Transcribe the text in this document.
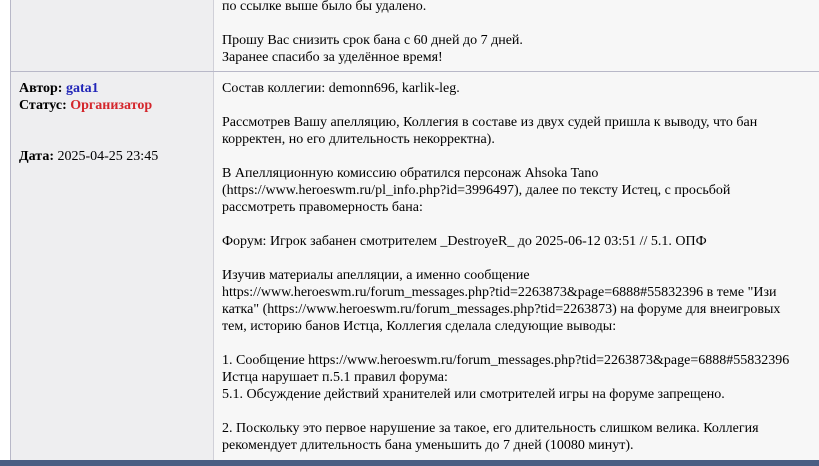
по ссылке выше было бы удалено.
Прошу Вас снизить срок бана с 60 дней до 7 дней.
Заранее спасибо за уделённое время!
Автор: gata1
Статус: Организатор
Дата: 2025-04-25 23:45
Состав коллегии: demonn696, karlik-leg.
Рассмотрев Вашу апелляцию, Коллегия в составе из двух судей пришла к выводу, что бан
корректен, но его длительность некорректна).
В Апелляционную комиссию обратился персонаж Ahsoka Tano
(https://www.heroeswm.ru/pl_info.php?id=3996497), далее по тексту Истец, с просьбой
рассмотреть правомерность бана:
Форум: Игрок забанен смотрителем _DestroyeR_ до 2025-06-12 03:51 // 5.1. ОПФ
Изучив материалы апелляции, а именно сообщение
https://www.heroeswm.ru/forum_messages.php?tid=2263873&page=6888#55832396 в теме "Изи
катка" (https://www.heroeswm.ru/forum_messages.php?tid=2263873) на форуме для внеигровых
тем, историю банов Истца, Коллегия сделала следующие выводы:
1. Сообщение https://www.heroeswm.ru/forum_messages.php?tid=2263873&page=6888#55832396
Истца нарушает п.5.1 правил форума:
5.1. Обсуждение действий хранителей или смотрителей игры на форуме запрещено.
2. Поскольку это первое нарушение за такое, его длительность слишком велика. Коллегия
рекомендует длительность бана уменьшить до 7 дней (10080 минут).
